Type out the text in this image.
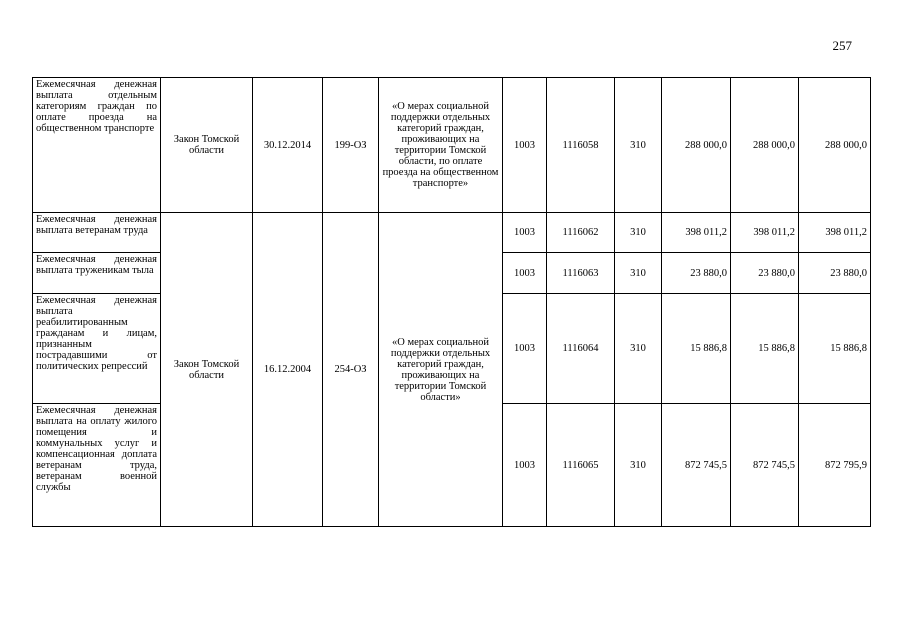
257
Ежемесячная денежная выплата отдельным категориям граждан по оплате проезда на общественном транспорте	Закон Томской области	30.12.2014	199-ОЗ	«О мерах социальной поддержки отдельных категорий граждан, проживающих на территории Томской области, по оплате проезда на общественном транспорте»	1003	1116058	310	288 000,0	288 000,0	288 000,0
Ежемесячная денежная выплата ветеранам труда	Закон Томской области	16.12.2004	254-ОЗ	«О мерах социальной поддержки отдельных категорий граждан, проживающих на территории Томской области»	1003	1116062	310	398 011,2	398 011,2	398 011,2
Ежемесячная денежная выплата труженикам тыла					1003	1116063	310	23 880,0	23 880,0	23 880,0
Ежемесячная денежная выплата реабилитированным гражданам и лицам, признанным пострадавшими от политических репрессий					1003	1116064	310	15 886,8	15 886,8	15 886,8
Ежемесячная денежная выплата на оплату жилого помещения и коммунальных услуг и компенсационная доплата ветеранам труда, ветеранам военной службы					1003	1116065	310	872 745,5	872 745,5	872 795,9
